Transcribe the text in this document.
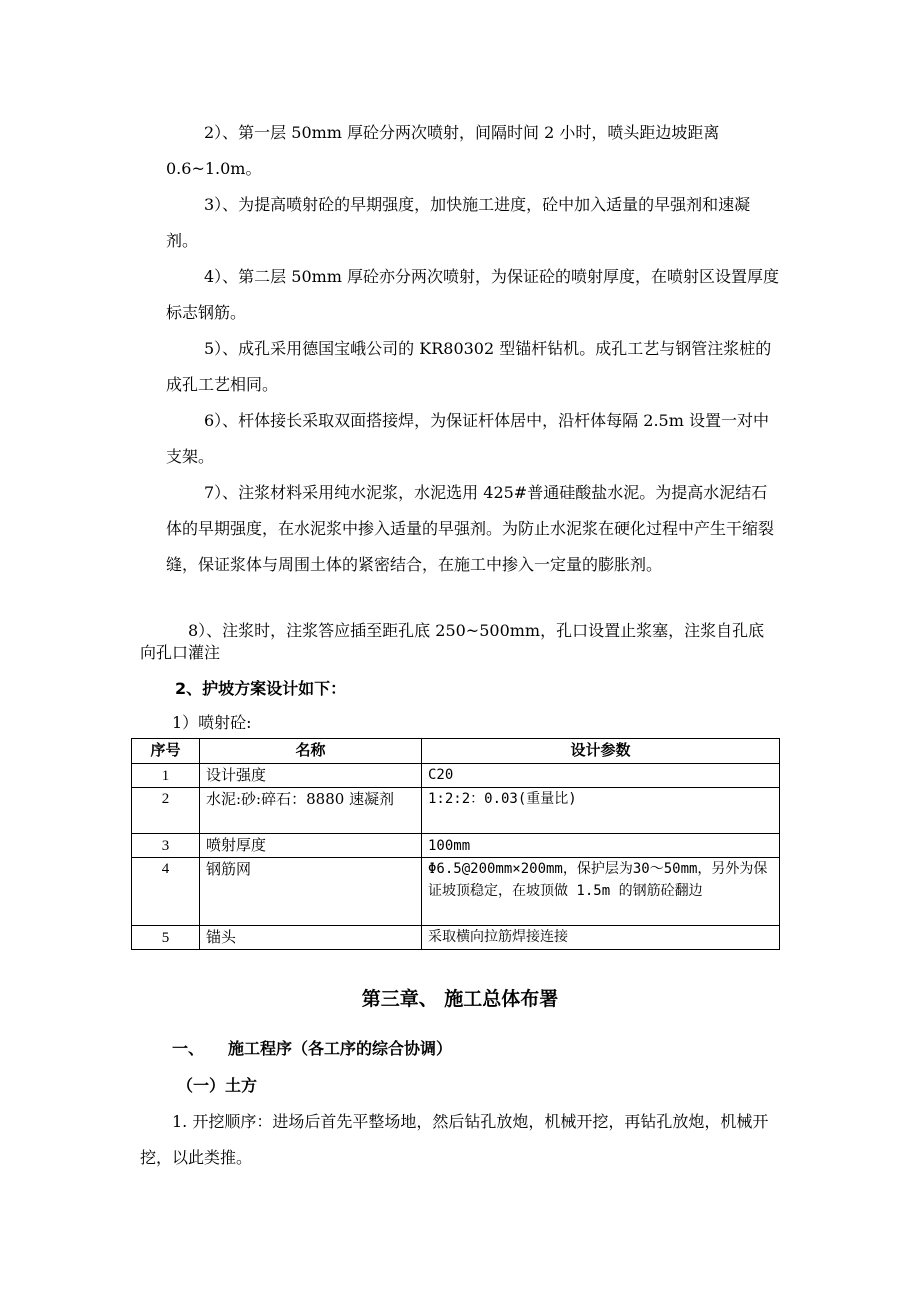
2）、第一层 50mm 厚砼分两次喷射，间隔时间 2 小时，喷头距边坡距离 0.6~1.0m。

3）、为提高喷射砼的早期强度，加快施工进度，砼中加入适量的早强剂和速凝剂。

4）、第二层 50mm 厚砼亦分两次喷射，为保证砼的喷射厚度，在喷射区设置厚度标志钢筋。

5）、成孔采用德国宝峨公司的 KR80302 型锚杆钻机。成孔工艺与钢管注浆桩的成孔工艺相同。

6）、杆体接长采取双面搭接焊，为保证杆体居中，沿杆体每隔 2.5m 设置一对中支架。

7）、注浆材料采用纯水泥浆，水泥选用 425#普通硅酸盐水泥。为提高水泥结石体的早期强度，在水泥浆中掺入适量的早强剂。为防止水泥浆在硬化过程中产生干缩裂缝，保证浆体与周围土体的紧密结合，在施工中掺入一定量的膨胀剂。

8）、注浆时，注浆答应插至距孔底 250~500mm，孔口设置止浆塞，注浆自孔底向孔口灌注

2、护坡方案设计如下：

1）喷射砼:

序号	名称	设计参数
1	设计强度	C20
2	水泥:砂:碎石：8880 速凝剂	1:2:2：0.03(重量比)
3	喷射厚度	100mm
4	钢筋网	Φ6.5@200mm×200mm，保护层为30～50mm，另外为保证坡顶稳定，在坡顶做 1.5m 的钢筋砼翻边
5	锚头	采取横向拉筋焊接连接

第三章、 施工总体布署

一、 施工程序（各工序的综合协调）

（一）土方

1. 开挖顺序：进场后首先平整场地，然后钻孔放炮，机械开挖，再钻孔放炮，机械开挖，以此类推。
